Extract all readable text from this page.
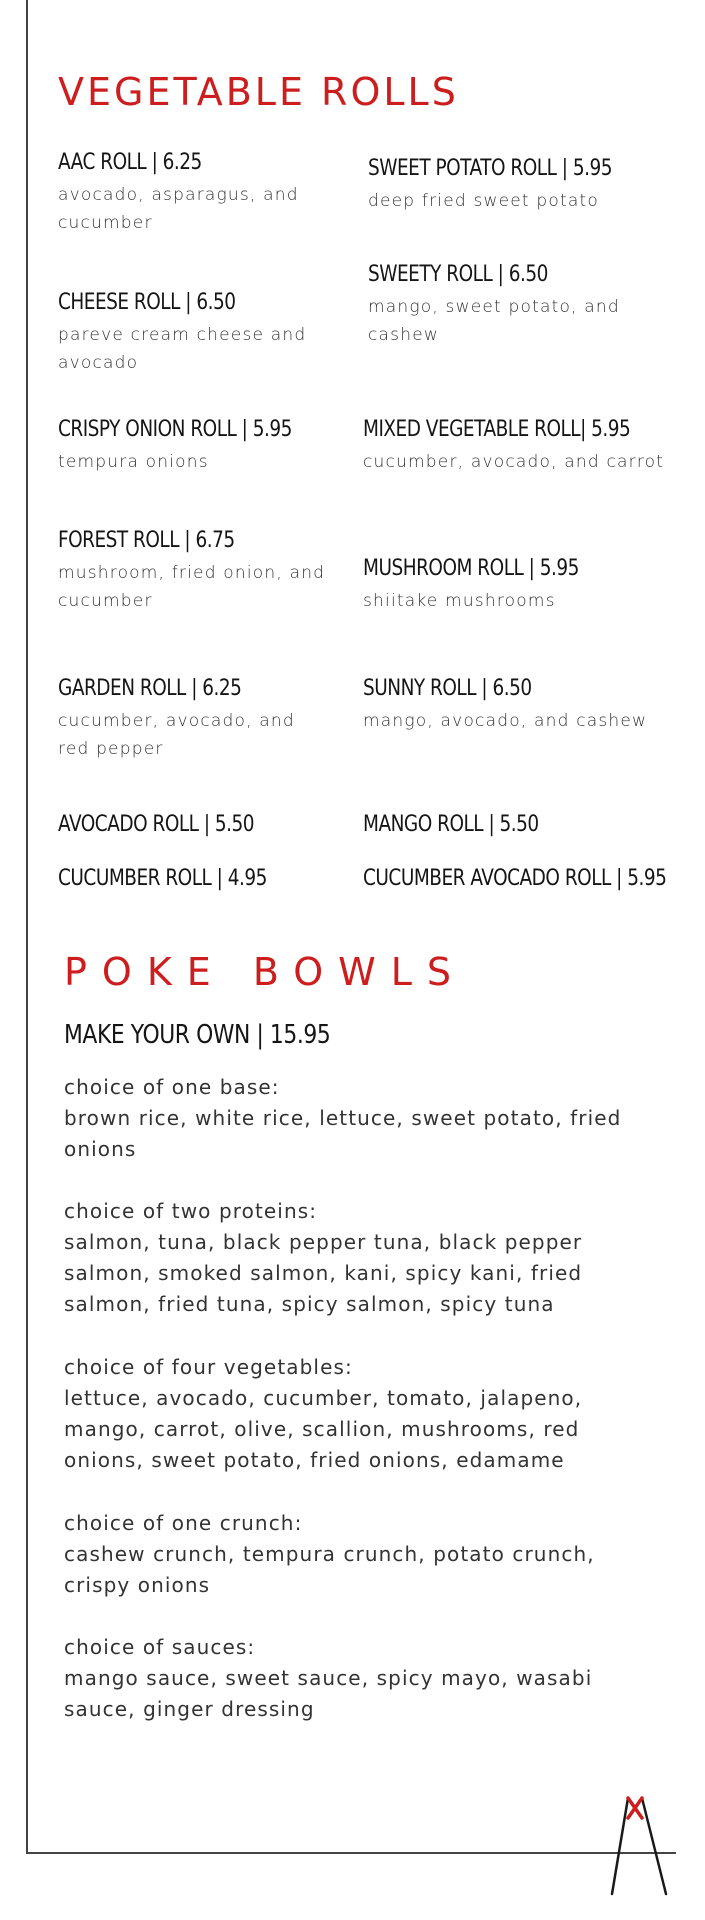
VEGETABLE ROLLS
AAC ROLL | 6.25
avocado, asparagus, and cucumber
CHEESE ROLL | 6.50
pareve cream cheese and avocado
CRISPY ONION ROLL | 5.95
tempura onions
FOREST ROLL | 6.75
mushroom, fried onion, and cucumber
GARDEN ROLL | 6.25
cucumber, avocado, and red pepper
AVOCADO ROLL | 5.50
CUCUMBER ROLL | 4.95
SWEET POTATO ROLL | 5.95
deep fried sweet potato
SWEETY ROLL | 6.50
mango, sweet potato, and cashew
MIXED VEGETABLE ROLL| 5.95
cucumber, avocado, and carrot
MUSHROOM ROLL | 5.95
shiitake mushrooms
SUNNY ROLL | 6.50
mango, avocado, and cashew
MANGO ROLL | 5.50
CUCUMBER AVOCADO ROLL | 5.95
POKE BOWLS
MAKE YOUR OWN | 15.95
choice of one base:
brown rice, white rice, lettuce, sweet potato, fried onions
choice of two proteins:
salmon, tuna, black pepper tuna, black pepper salmon, smoked salmon, kani, spicy kani, fried salmon, fried tuna, spicy salmon, spicy tuna
choice of four vegetables:
lettuce, avocado, cucumber, tomato, jalapeno, mango, carrot, olive, scallion, mushrooms, red onions, sweet potato, fried onions, edamame
choice of one crunch:
cashew crunch, tempura crunch, potato crunch, crispy onions
choice of sauces:
mango sauce, sweet sauce, spicy mayo, wasabi sauce, ginger dressing
